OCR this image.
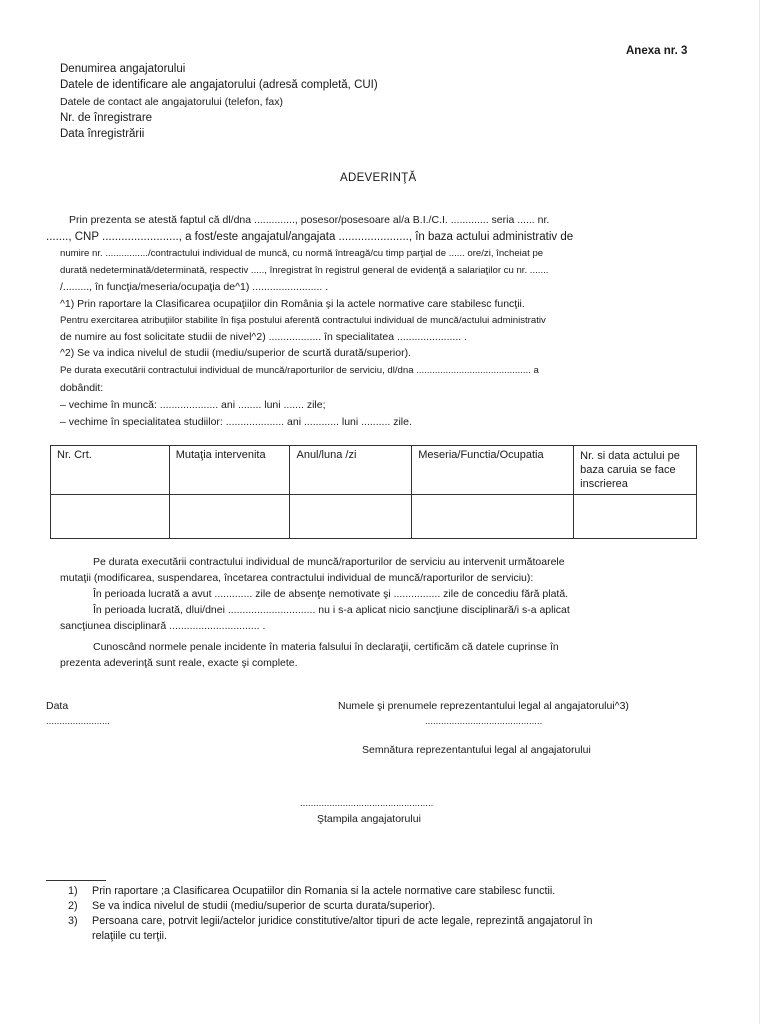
Anexa nr. 3
Denumirea angajatorului
Datele de identificare ale angajatorului (adresă completă, CUI)
Datele de contact ale angajatorului (telefon, fax)
Nr. de înregistrare
Data înregistrării
ADEVERINŢĂ
Prin prezenta se atestă faptul că dl/dna .............., posesor/posesoare al/a B.I./C.I. ............. seria ...... nr.
......., CNP ........................, a fost/este angajatul/angajata ......................, în baza actului administrativ de
numire nr. ................/contractului individual de muncă, cu normă întreagă/cu timp parţial de ...... ore/zi, încheiat pe
durată nedeterminată/determinată, respectiv ....., înregistrat în registrul general de evidenţă a salariaţilor cu nr. .......
/........., în funcţia/meseria/ocupaţia de^1) ........................ .
^1) Prin raportare la Clasificarea ocupaţiilor din România şi la actele normative care stabilesc funcţii.
Pentru exercitarea atribuţiilor stabilite în fişa postului aferentă contractului individual de muncă/actului administrativ
de numire au fost solicitate studii de nivel^2) .................. în specialitatea ...................... .
^2) Se va indica nivelul de studii (mediu/superior de scurtă durată/superior).
Pe durata executării contractului individual de muncă/raporturilor de serviciu, dl/dna ........................................... a
dobândit:
– vechime în muncă: .................... ani ........ luni ....... zile;
– vechime în specialitatea studiilor: .................... ani ............ luni .......... zile.
Nr. Crt.	Mutaţia intervenita	Anul/luna /zi	Meseria/Functia/Ocupatia	Nr. si data actului pe baza caruia se face inscrierea

Pe durata executării contractului individual de muncă/raporturilor de serviciu au intervenit următoarele
mutaţii (modificarea, suspendarea, încetarea contractului individual de muncă/raporturilor de serviciu):
În perioada lucrată a avut ............. zile de absenţe nemotivate şi ................ zile de concediu fără plată.
În perioada lucrată, dlui/dnei .............................. nu i s-a aplicat nicio sancţiune disciplinară/i s-a aplicat
sancţiunea disciplinară ............................... .
Cunoscând normele penale incidente în materia falsului în declaraţii, certificăm că datele cuprinse în
prezenta adeverinţă sunt reale, exacte şi complete.
Data
........................
Numele şi prenumele reprezentantului legal al angajatorului^3)
............................................
Semnătura reprezentantului legal al angajatorului
..................................................
Ştampila angajatorului
1) Prin raportare ;a Clasificarea Ocupatiilor din Romania si la actele normative care stabilesc functii.
2) Se va indica nivelul de studii (mediu/superior de scurta durata/superior).
3) Persoana care, potrvit legii/actelor juridice constitutive/altor tipuri de acte legale, reprezintă angajatorul în
relaţiile cu terţii.
